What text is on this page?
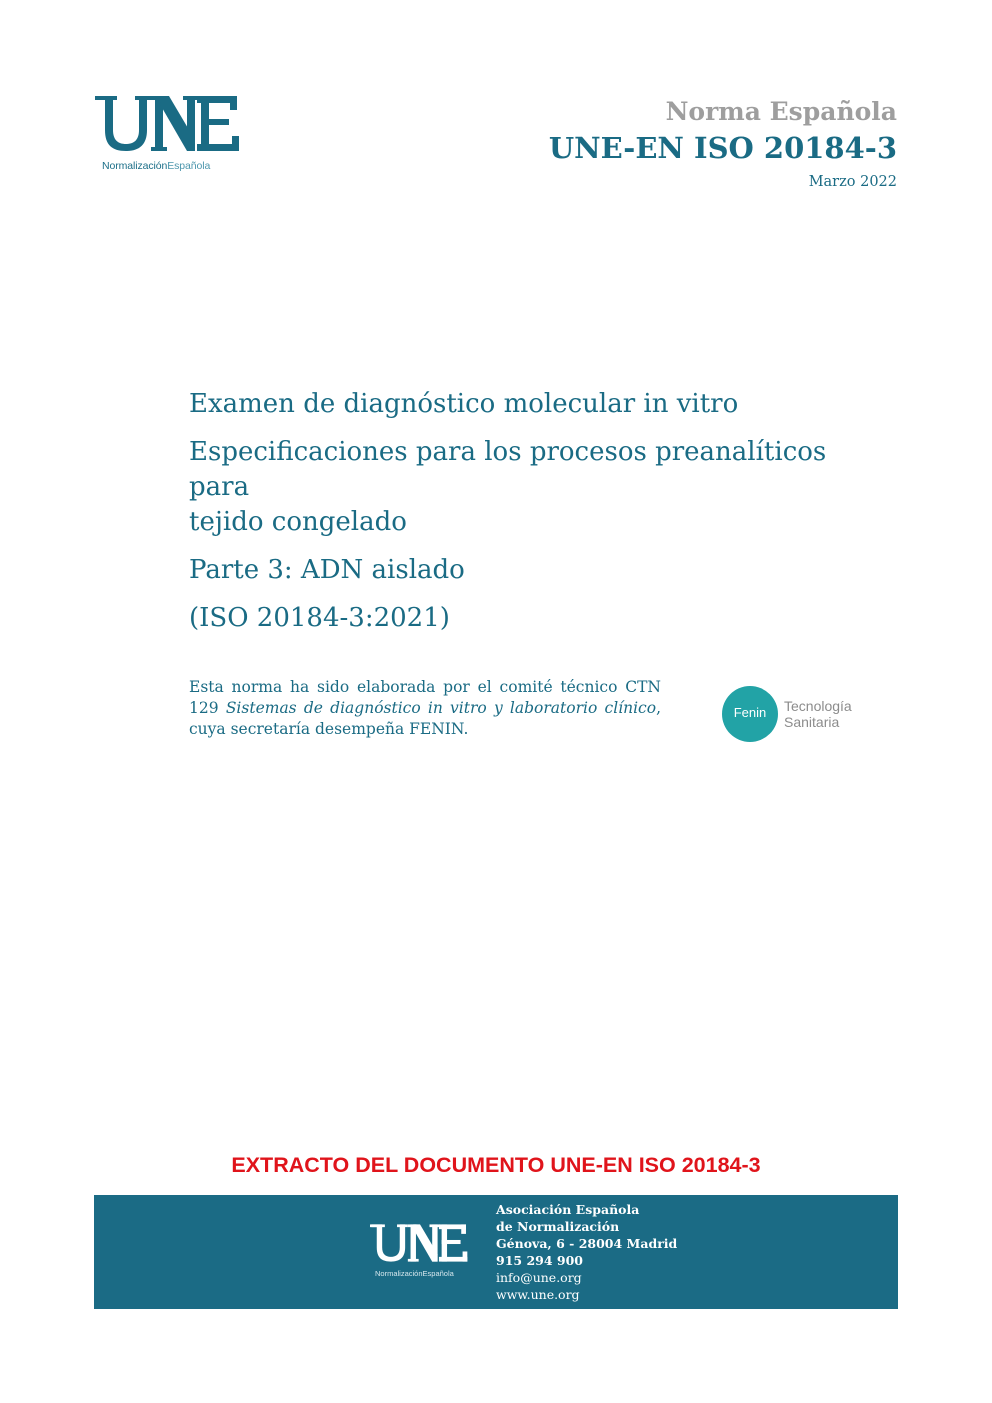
NormalizaciónEspañola
Norma Española
UNE-EN ISO 20184-3
Marzo 2022
Examen de diagnóstico molecular in vitro
Especificaciones para los procesos preanalíticos para
tejido congelado
Parte 3: ADN aislado
(ISO 20184-3:2021)
Esta norma ha sido elaborada por el comité técnico CTN 129 Sistemas de diagnóstico in vitro y laboratorio clínico, cuya secretaría desempeña FENIN.
Fenin	Tecnología
Sanitaria
EXTRACTO DEL DOCUMENTO UNE-EN ISO 20184-3
NormalizaciónEspañola
Asociación Española
de Normalización
Génova, 6 - 28004 Madrid
915 294 900
info@une.org
www.une.org
